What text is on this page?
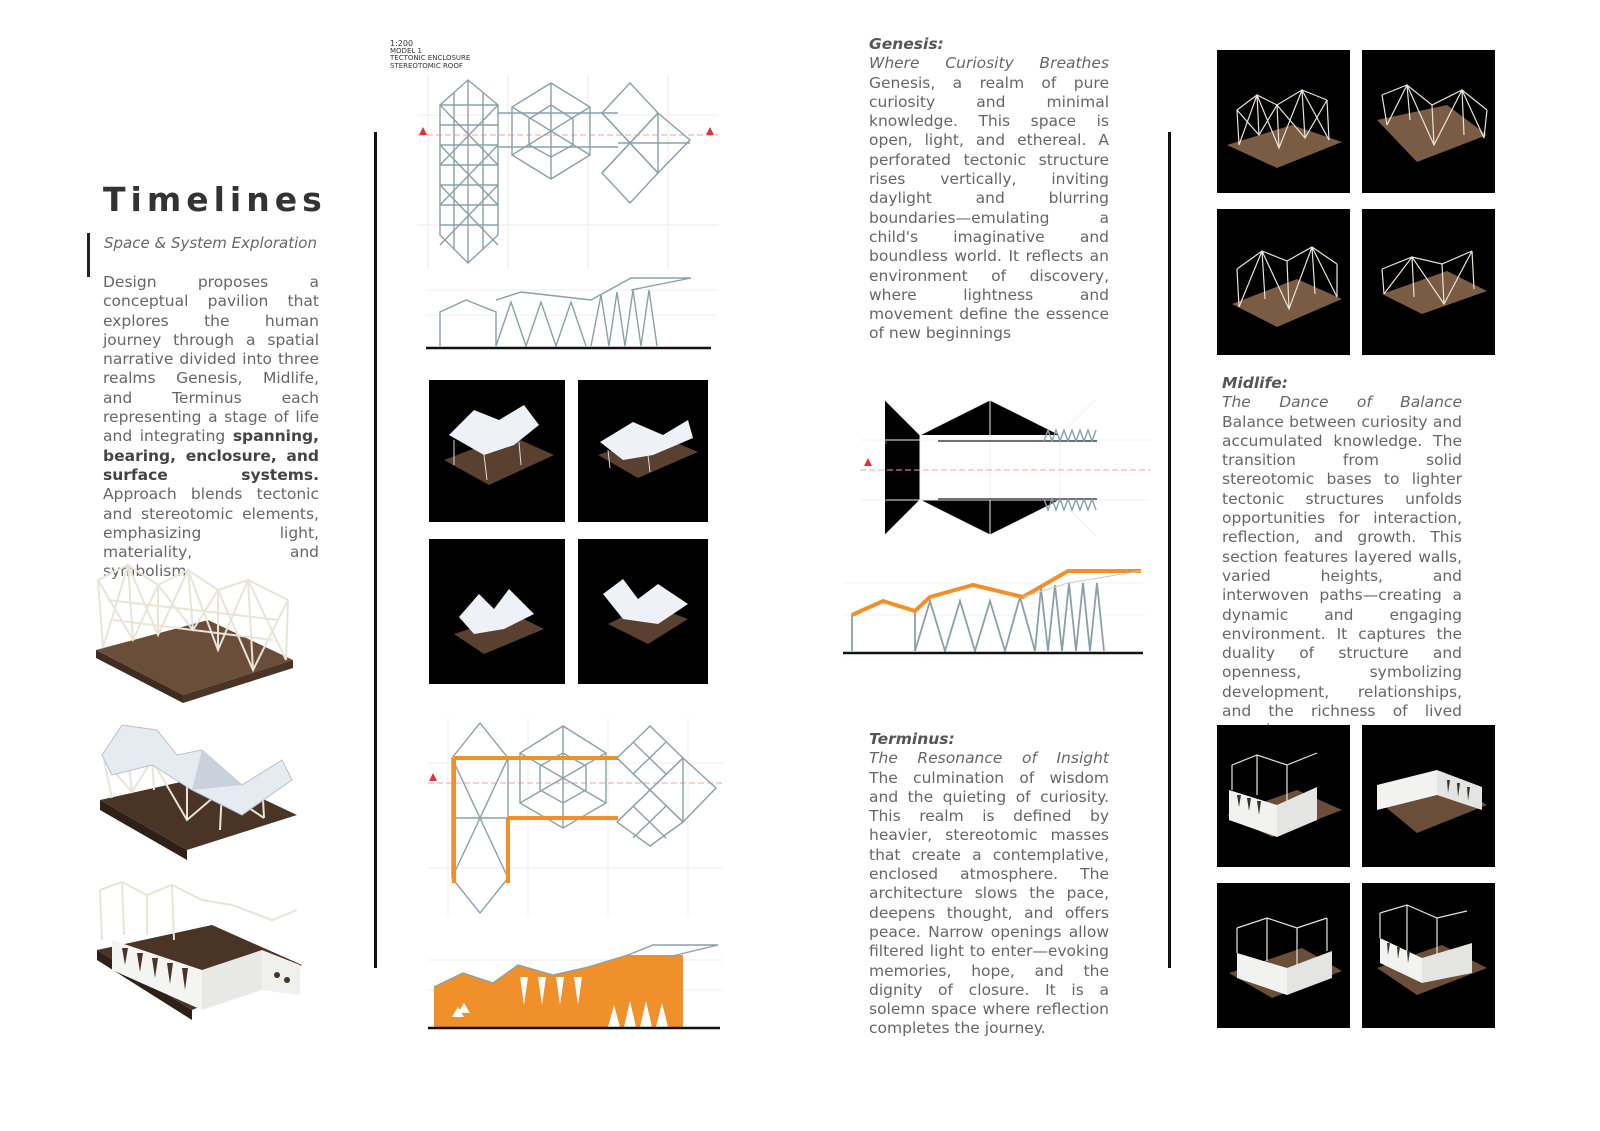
Timelines
Space & System Exploration
Design proposes a conceptual pavilion that explores the human journey through a spatial narrative divided into three realms Genesis, Midlife, and Terminus each representing a stage of life and integrating spanning, bearing, enclosure, and surface systems. Approach blends tectonic and stereotomic elements, emphasizing light, materiality, and symbolism.
1:200
MODEL 1
TECTONIC ENCLOSURE
STEREOTOMIC ROOF
Genesis:
Where Curiosity Breathes
Genesis, a realm of pure curiosity and minimal knowledge. This space is open, light, and ethereal. A perforated tectonic structure rises vertically, inviting daylight and blurring boundaries—emulating a child's imaginative and boundless world. It reflects an environment of discovery, where lightness and movement define the essence of new beginnings
Terminus:
The Resonance of Insight
The culmination of wisdom and the quieting of curiosity. This realm is defined by heavier, stereotomic masses that create a contemplative, enclosed atmosphere. The architecture slows the pace, deepens thought, and offers peace. Narrow openings allow filtered light to enter—evoking memories, hope, and the dignity of closure. It is a solemn space where reflection completes the journey.
Midlife:
The Dance of Balance
Balance between curiosity and accumulated knowledge. The transition from solid stereotomic bases to lighter tectonic structures unfolds opportunities for interaction, reflection, and growth. This section features layered walls, varied heights, and interwoven paths—creating a dynamic and engaging environment. It captures the duality of structure and openness, symbolizing development, relationships, and the richness of lived
